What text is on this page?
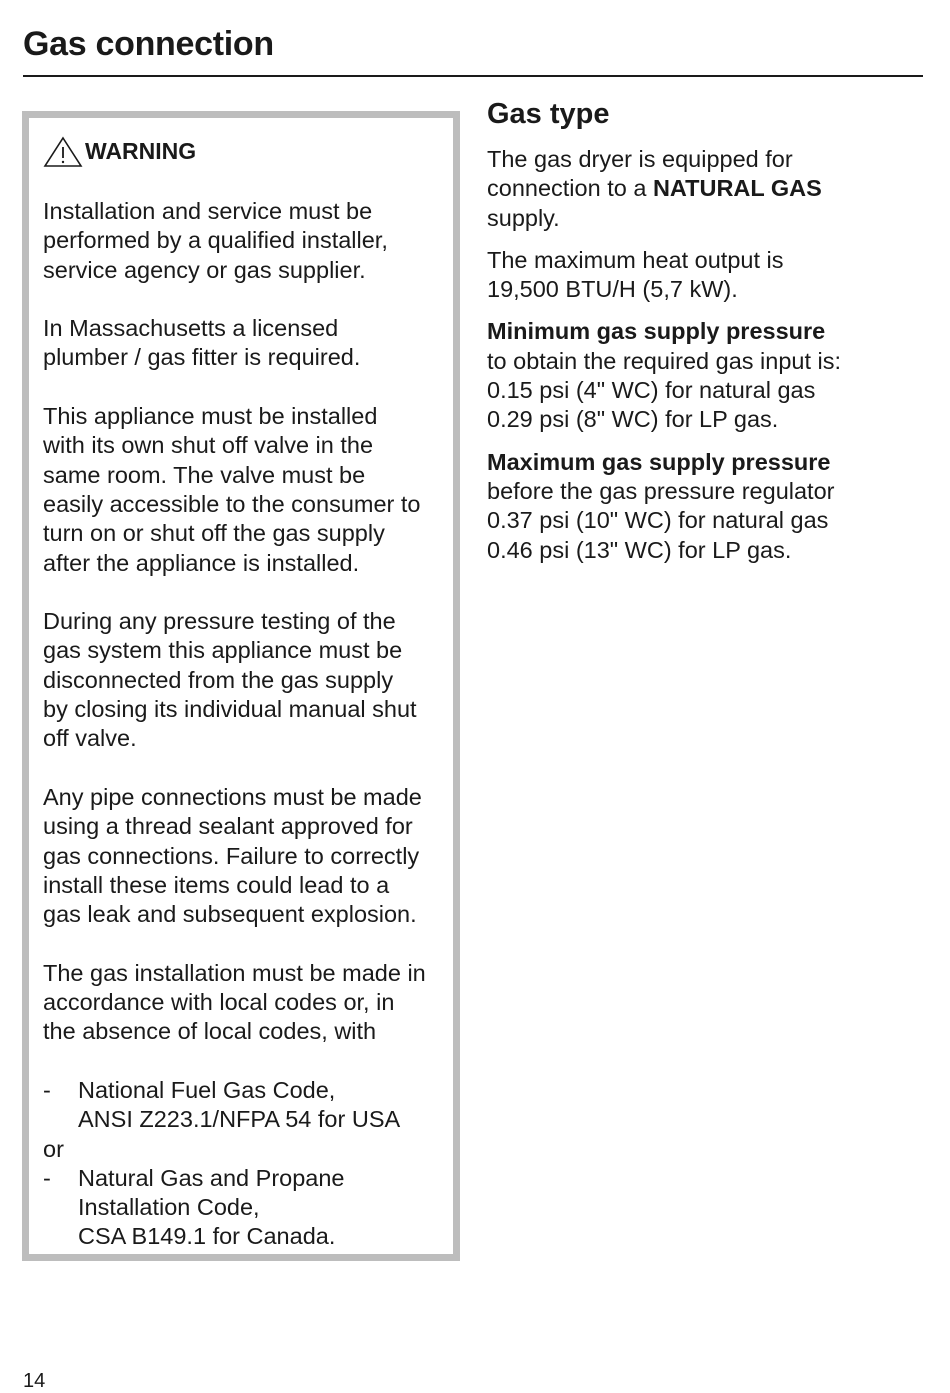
Gas connection
WARNING

Installation and service must be
performed by a qualified installer,
service agency or gas supplier.

In Massachusetts a licensed
plumber / gas fitter is required.

This appliance must be installed
with its own shut off valve in the
same room. The valve must be
easily accessible to the consumer to
turn on or shut off the gas supply
after the appliance is installed.

During any pressure testing of the
gas system this appliance must be
disconnected from the gas supply
by closing its individual manual shut
off valve.

Any pipe connections must be made
using a thread sealant approved for
gas connections. Failure to correctly
install these items could lead to a
gas leak and subsequent explosion.

The gas installation must be made in
accordance with local codes or, in
the absence of local codes, with

-	National Fuel Gas Code,
ANSI Z223.1/NFPA 54 for USA
or
-	Natural Gas and Propane
Installation Code,
CSA B149.1 for Canada.
Gas type

The gas dryer is equipped for
connection to a NATURAL GAS
supply.

The maximum heat output is
19,500 BTU/H (5,7 kW).

Minimum gas supply pressure
to obtain the required gas input is:
0.15 psi (4" WC) for natural gas
0.29 psi (8" WC) for LP gas.

Maximum gas supply pressure
before the gas pressure regulator
0.37 psi (10" WC) for natural gas
0.46 psi (13" WC) for LP gas.

14
